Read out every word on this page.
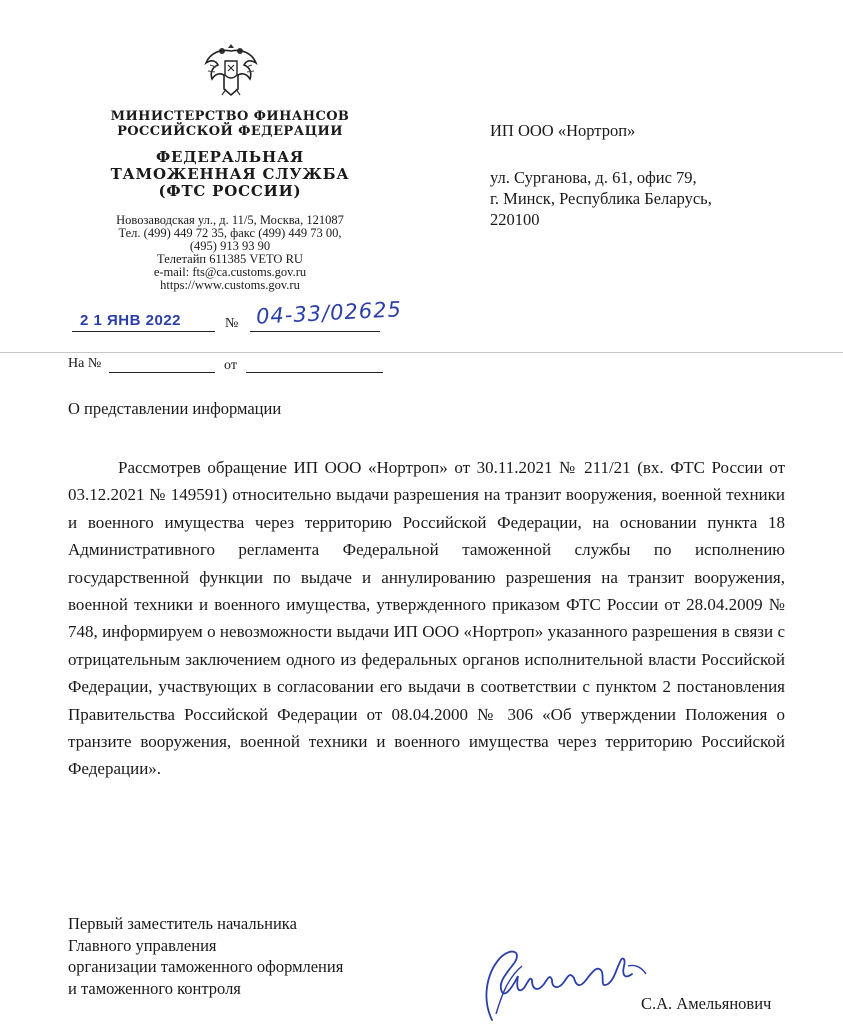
МИНИСТЕРСТВО ФИНАНСОВ
РОССИЙСКОЙ ФЕДЕРАЦИИ
ФЕДЕРАЛЬНАЯ
ТАМОЖЕННАЯ СЛУЖБА
(ФТС РОССИИ)
Новозаводская ул., д. 11/5, Москва, 121087
Тел. (499) 449 72 35, факс (499) 449 73 00,
(495) 913 93 90
Телетайп 611385 VETO RU
e-mail: fts@ca.customs.gov.ru
https://www.customs.gov.ru
2 1 ЯНВ 2022	№ 04-33/02625
На №	от
ИП ООО «Нортроп»
ул. Сурганова, д. 61, офис 79,
г. Минск, Республика Беларусь,
220100
О представлении информации
Рассмотрев обращение ИП ООО «Нортроп» от 30.11.2021 № 211/21 (вх. ФТС России от 03.12.2021 № 149591) относительно выдачи разрешения на транзит вооружения, военной техники и военного имущества через территорию Российской Федерации, на основании пункта 18 Административного регламента Федеральной таможенной службы по исполнению государственной функции по выдаче и аннулированию разрешения на транзит вооружения, военной техники и военного имущества, утвержденного приказом ФТС России от 28.04.2009 № 748, информируем о невозможности выдачи ИП ООО «Нортроп» указанного разрешения в связи с отрицательным заключением одного из федеральных органов исполнительной власти Российской Федерации, участвующих в согласовании его выдачи в соответствии с пунктом 2 постановления Правительства Российской Федерации от 08.04.2000 № 306 «Об утверждении Положения о транзите вооружения, военной техники и военного имущества через территорию Российской Федерации».
Первый заместитель начальника
Главного управления
организации таможенного оформления
и таможенного контроля
С.А. Амельянович
